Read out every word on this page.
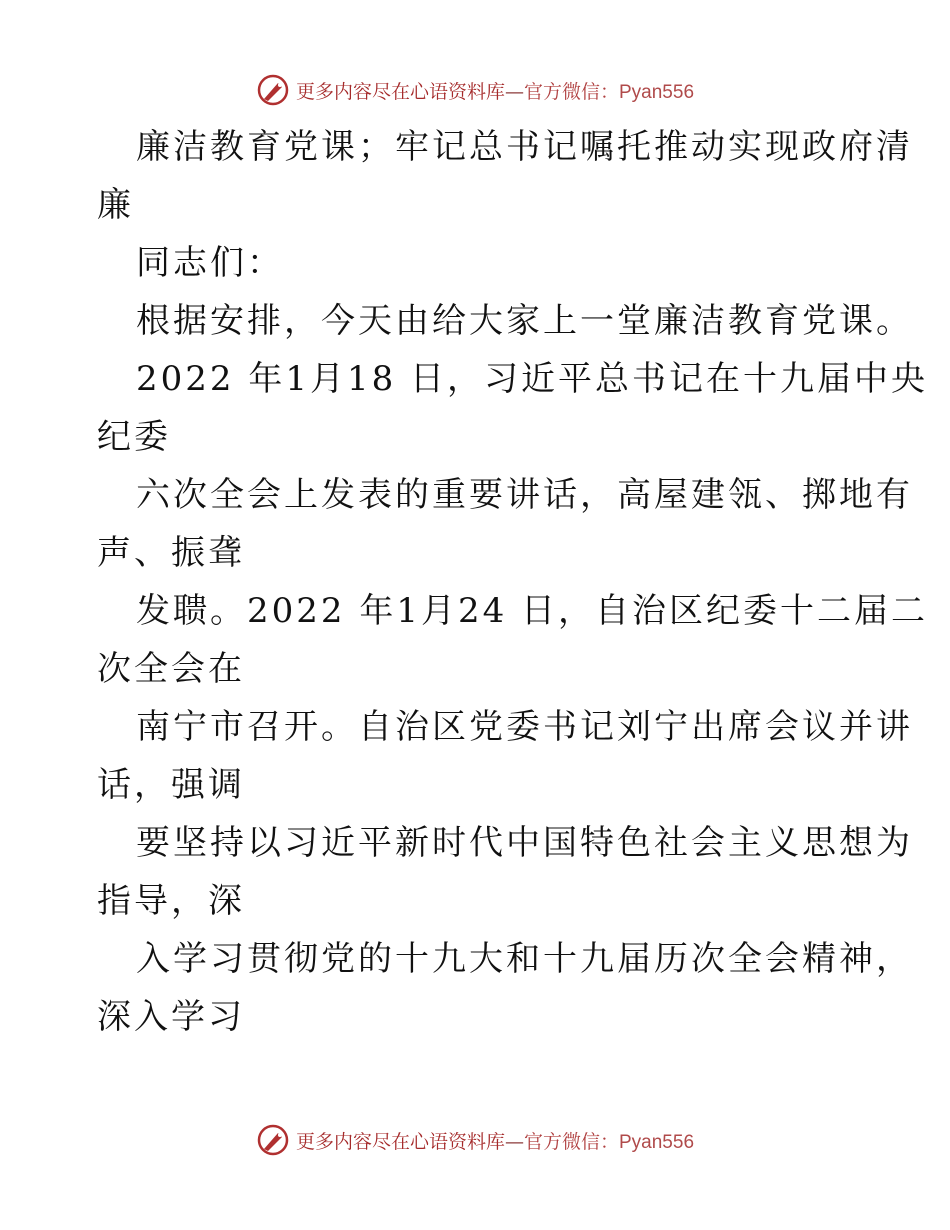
更多内容尽在心语资料库—官方微信：Pyan556
廉洁教育党课；牢记总书记嘱托推动实现政府清
廉
同志们：
根据安排，今天由给大家上一堂廉洁教育党课。
2022 年1月18 日，习近平总书记在十九届中央
纪委
六次全会上发表的重要讲话，高屋建瓴、掷地有
声、振聋
发聩。2022 年1月24 日，自治区纪委十二届二
次全会在
南宁市召开。自治区党委书记刘宁出席会议并讲
话，强调
要坚持以习近平新时代中国特色社会主义思想为
指导，深
入学习贯彻党的十九大和十九届历次全会精神，
深入学习
更多内容尽在心语资料库—官方微信：Pyan556
